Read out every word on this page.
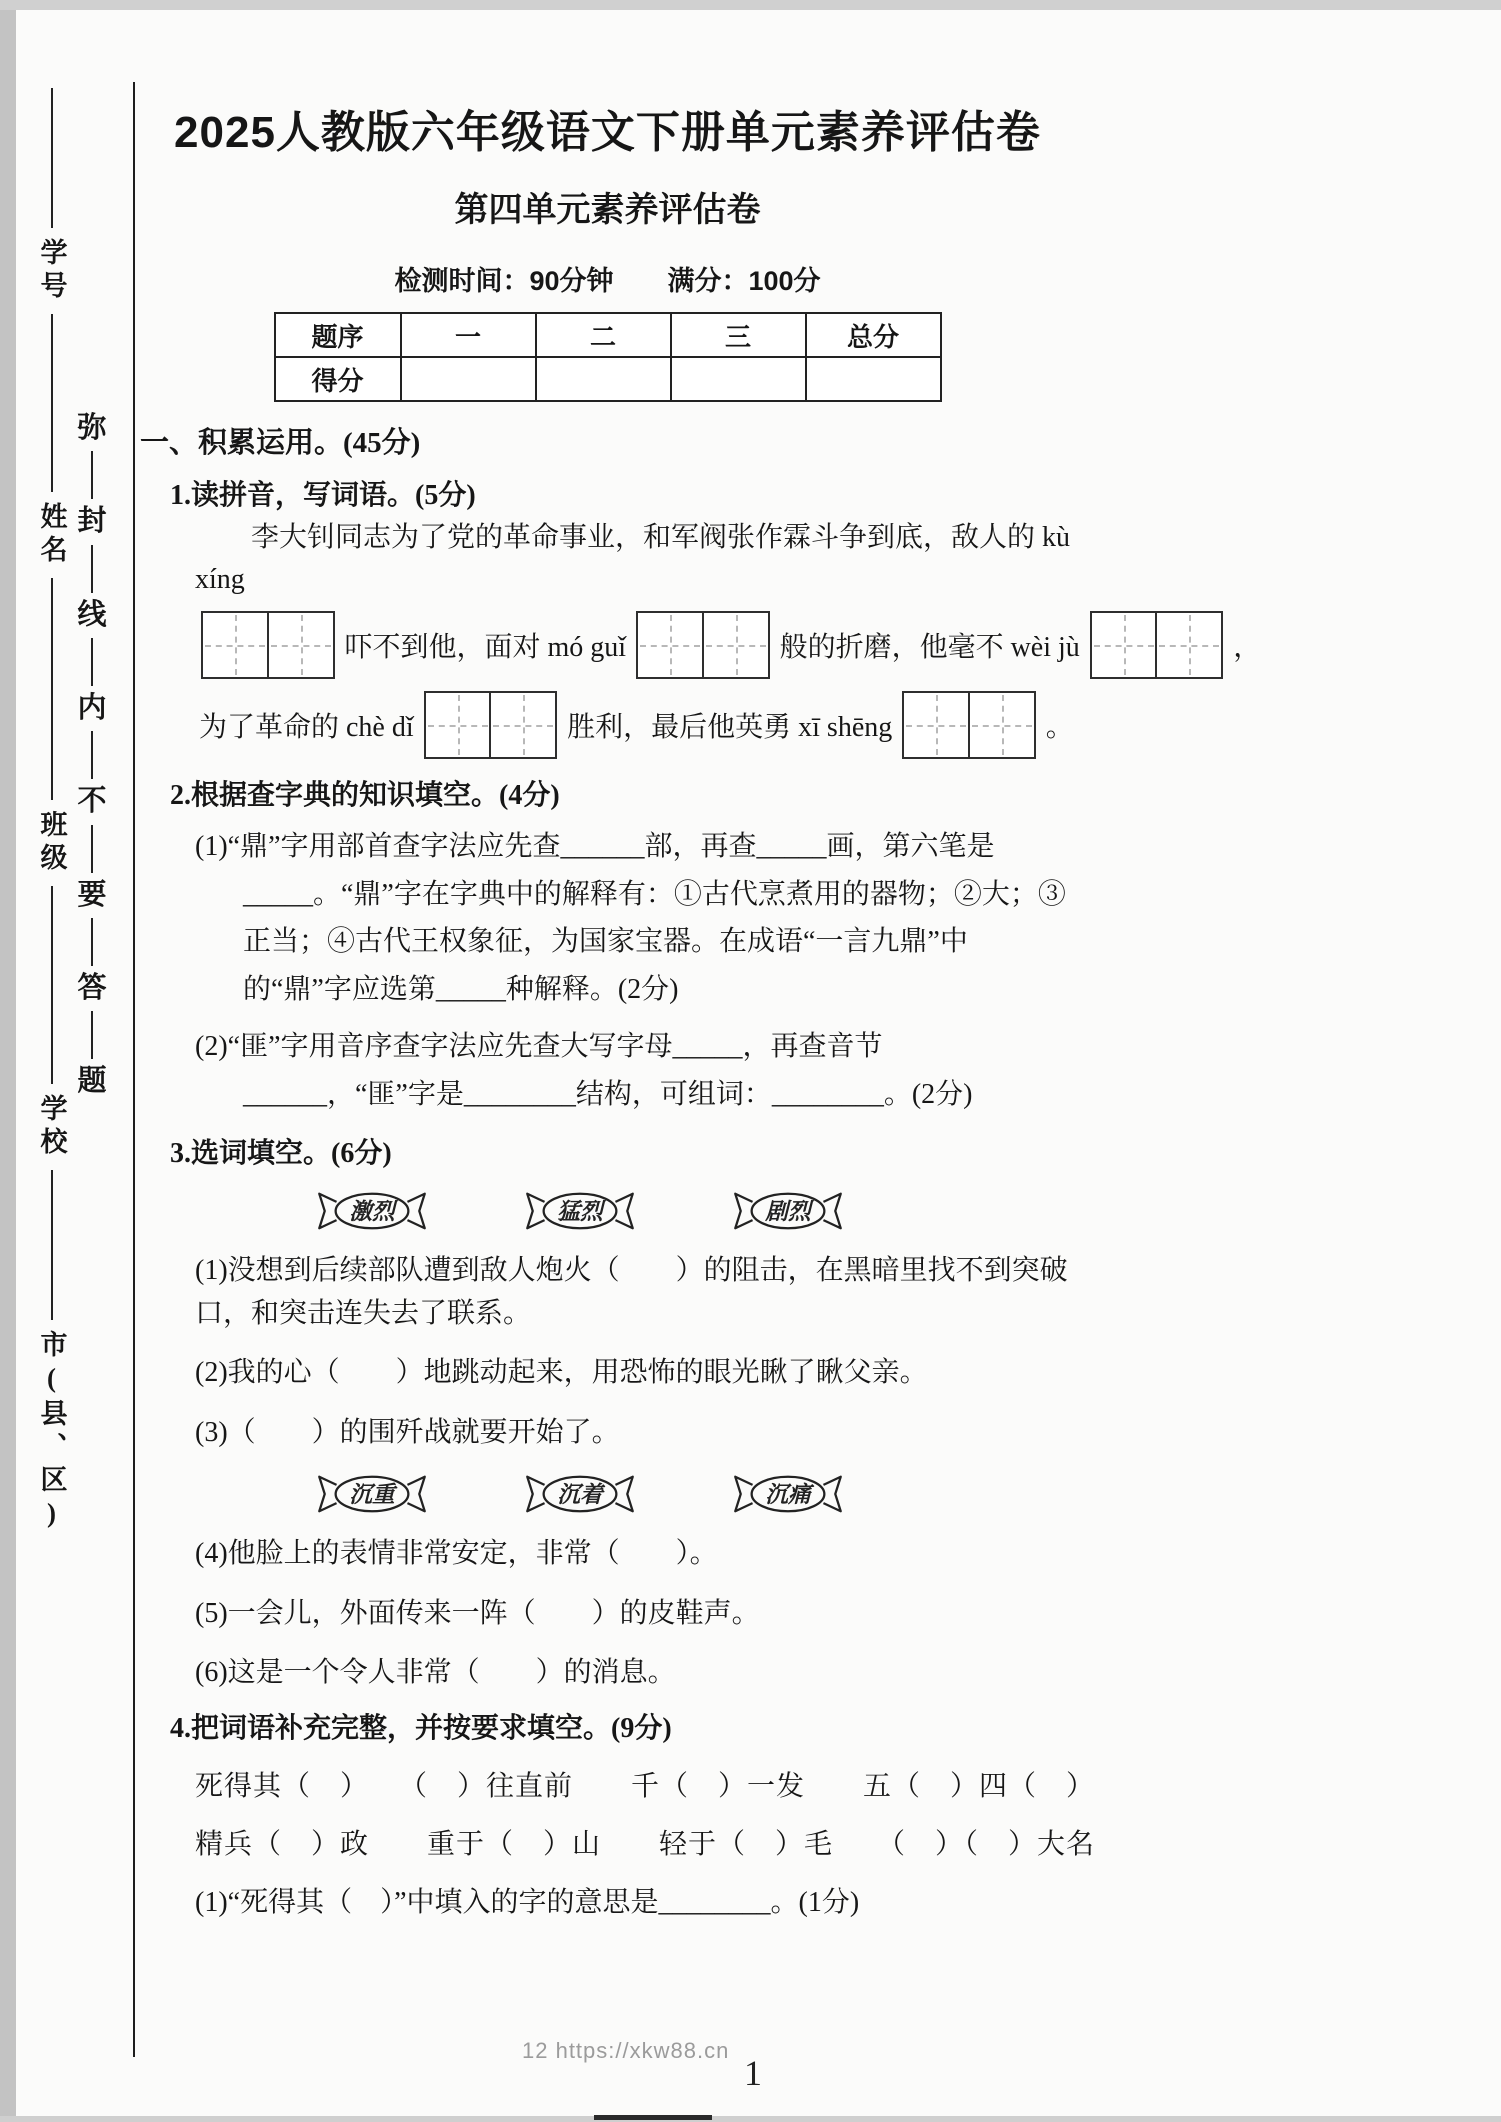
学号
姓名
班级
学校
市(县、区)
弥
封
线
内
不
要
答
题
2025人教版六年级语文下册单元素养评估卷
第四单元素养评估卷
检测时间：90分钟　　满分：100分
题序	一	二	三	总分
得分				
一、积累运用。(45分)
1.读拼音，写词语。(5分)
李大钊同志为了党的革命事业，和军阀张作霖斗争到底，敌人的 kù xíng
吓不到他，面对 mó guǐ	般的折磨，他毫不 wèi jù	，
为了革命的 chè dǐ	胜利，最后他英勇 xī shēng	。
2.根据查字典的知识填空。(4分)
(1)“鼎”字用部首查字法应先查______部，再查_____画，第六笔是_____。“鼎”字在字典中的解释有：①古代烹煮用的器物；②大；③正当；④古代王权象征，为国家宝器。在成语“一言九鼎”中的“鼎”字应选第_____种解释。(2分)
(2)“匪”字用音序查字法应先查大写字母_____，再查音节______，“匪”字是________结构，可组词：________。(2分)
3.选词填空。(6分)
激烈	猛烈	剧烈
(1)没想到后续部队遭到敌人炮火（　　）的阻击，在黑暗里找不到突破口，和突击连失去了联系。
(2)我的心（　　）地跳动起来，用恐怖的眼光瞅了瞅父亲。
(3)（　　）的围歼战就要开始了。
沉重	沉着	沉痛
(4)他脸上的表情非常安定，非常（　　）。
(5)一会儿，外面传来一阵（　　）的皮鞋声。
(6)这是一个令人非常（　　）的消息。
4.把词语补充完整，并按要求填空。(9分)
死得其（　）　　（　）往直前　　千（　）一发　　五（　）四（　）
精兵（　）政　　重于（　）山　　轻于（　）毛　　（　）（　）大名
(1)“死得其（　）”中填入的字的意思是________。(1分)
12 https://xkw88.cn
1
